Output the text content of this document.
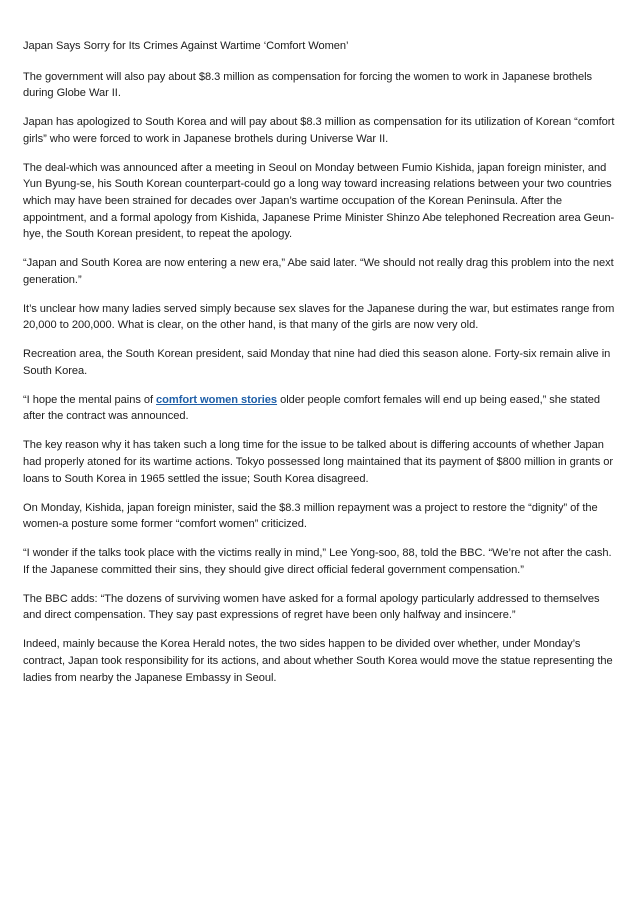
Japan Says Sorry for Its Crimes Against Wartime ‘Comfort Women’

The government will also pay about $8.3 million as compensation for forcing the women to work in Japanese brothels during Globe War II.

Japan has apologized to South Korea and will pay about $8.3 million as compensation for its utilization of Korean “comfort girls” who were forced to work in Japanese brothels during Universe War II.

The deal-which was announced after a meeting in Seoul on Monday between Fumio Kishida, japan foreign minister, and Yun Byung-se, his South Korean counterpart-could go a long way toward increasing relations between your two countries which may have been strained for decades over Japan’s wartime occupation of the Korean Peninsula. After the appointment, and a formal apology from Kishida, Japanese Prime Minister Shinzo Abe telephoned Recreation area Geun-hye, the South Korean president, to repeat the apology.

“Japan and South Korea are now entering a new era,” Abe said later. “We should not really drag this problem into the next generation.”

It’s unclear how many ladies served simply because sex slaves for the Japanese during the war, but estimates range from 20,000 to 200,000. What is clear, on the other hand, is that many of the girls are now very old.

Recreation area, the South Korean president, said Monday that nine had died this season alone. Forty-six remain alive in South Korea.

“I hope the mental pains of comfort women stories older people comfort females will end up being eased,” she stated after the contract was announced.

The key reason why it has taken such a long time for the issue to be talked about is differing accounts of whether Japan had properly atoned for its wartime actions. Tokyo possessed long maintained that its payment of $800 million in grants or loans to South Korea in 1965 settled the issue; South Korea disagreed.

On Monday, Kishida, japan foreign minister, said the $8.3 million repayment was a project to restore the “dignity” of the women-a posture some former “comfort women” criticized.

“I wonder if the talks took place with the victims really in mind,” Lee Yong-soo, 88, told the BBC. “We’re not after the cash. If the Japanese committed their sins, they should give direct official federal government compensation.”

The BBC adds: “The dozens of surviving women have asked for a formal apology particularly addressed to themselves and direct compensation. They say past expressions of regret have been only halfway and insincere.”

Indeed, mainly because the Korea Herald notes, the two sides happen to be divided over whether, under Monday’s contract, Japan took responsibility for its actions, and about whether South Korea would move the statue representing the ladies from nearby the Japanese Embassy in Seoul.
